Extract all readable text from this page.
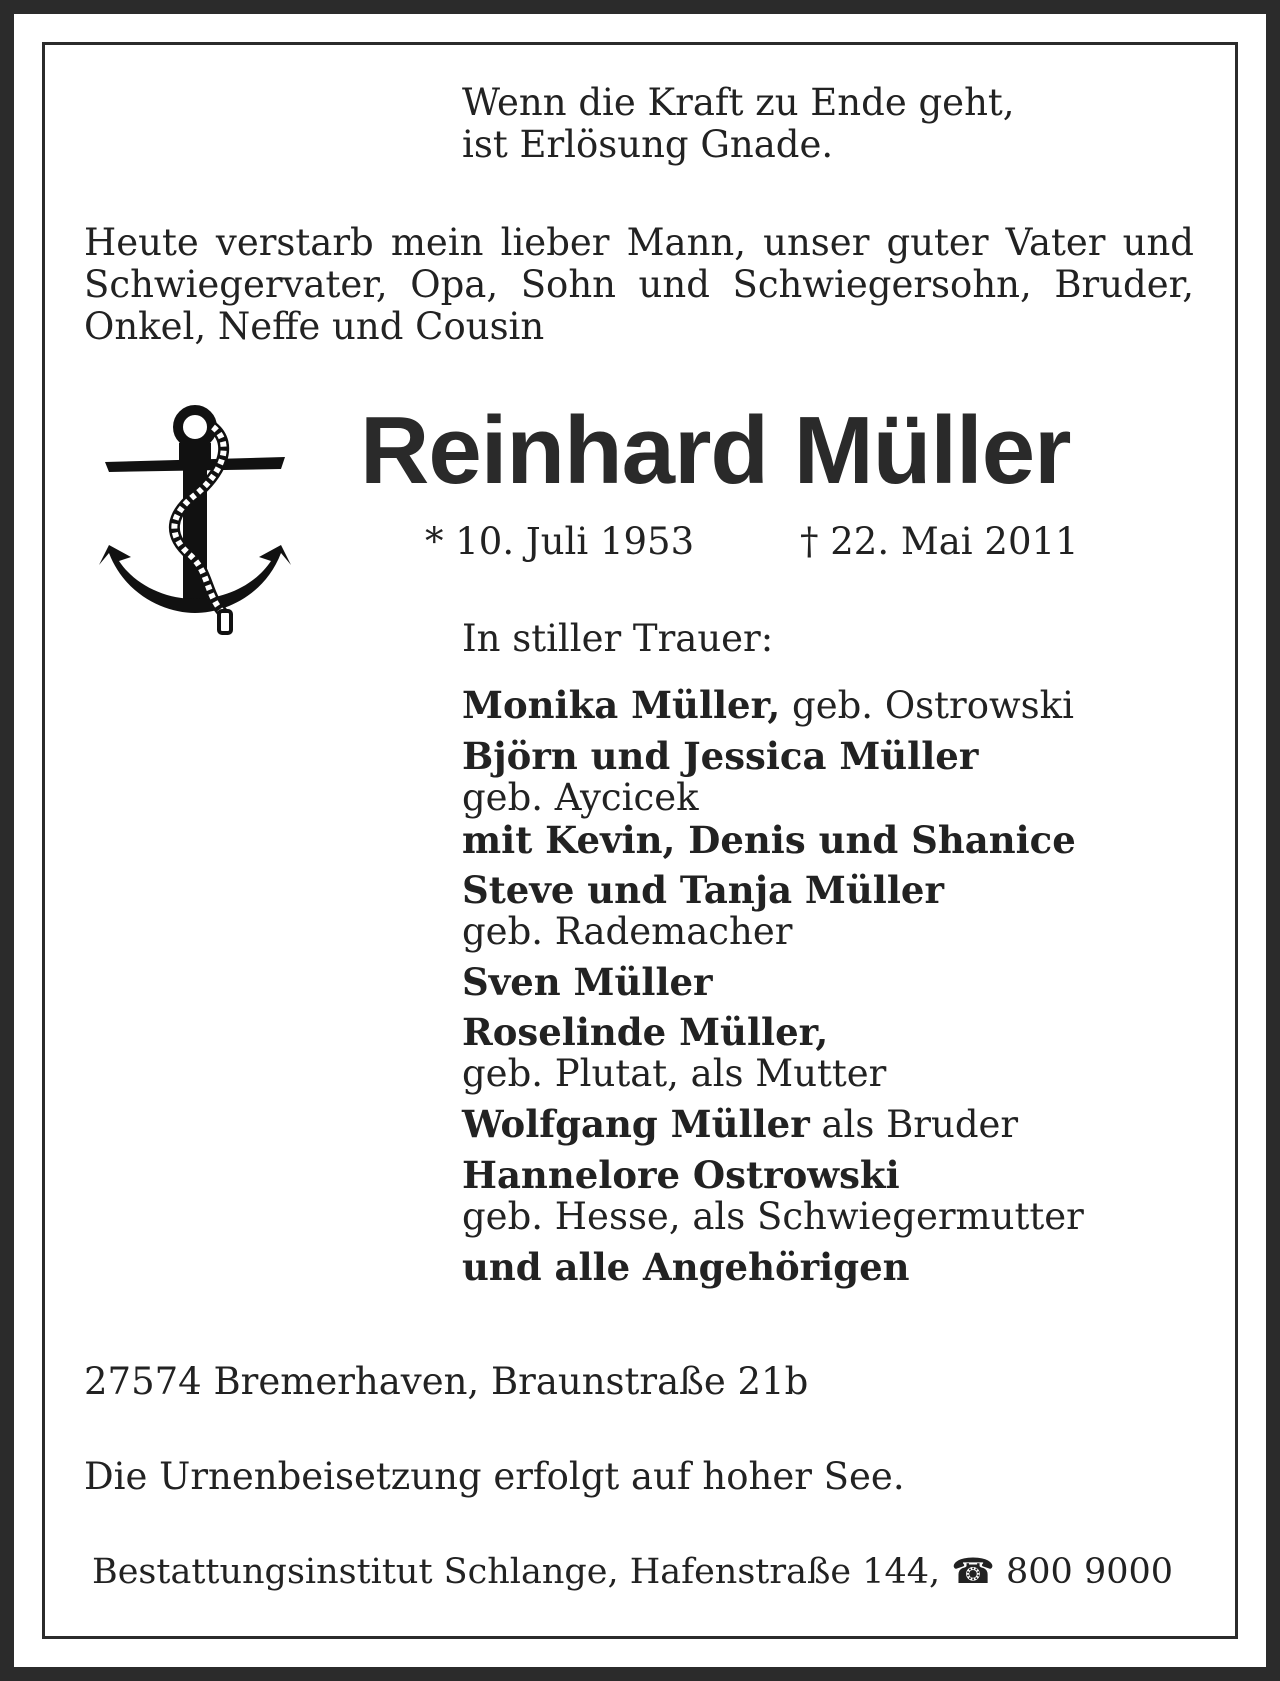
Wenn die Kraft zu Ende geht,
ist Erlösung Gnade.
Heute verstarb mein lieber Mann, unser guter Vater und Schwiegervater, Opa, Sohn und Schwiegersohn, Bruder, Onkel, Neffe und Cousin
Reinhard Müller
* 10. Juli 1953	† 22. Mai 2011
In stiller Trauer:
Monika Müller, geb. Ostrowski
Björn und Jessica Müller
geb. Aycicek
mit Kevin, Denis und Shanice
Steve und Tanja Müller
geb. Rademacher
Sven Müller
Roselinde Müller,
geb. Plutat, als Mutter
Wolfgang Müller als Bruder
Hannelore Ostrowski
geb. Hesse, als Schwiegermutter
und alle Angehörigen
27574 Bremerhaven, Braunstraße 21b
Die Urnenbeisetzung erfolgt auf hoher See.
Bestattungsinstitut Schlange, Hafenstraße 144, ☎ 800 9000
